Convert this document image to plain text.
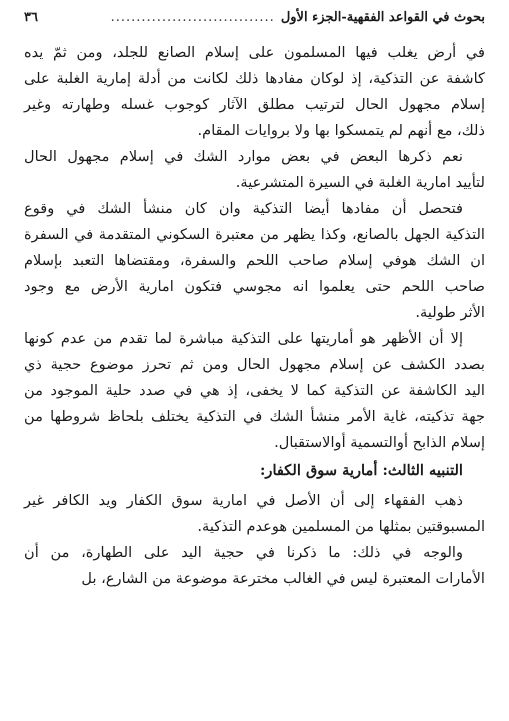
بحوث في القواعد الفقهية-الجزء الأول
................................
٣٦

في أرض يغلب فيها المسلمون على إسلام الصانع للجلد، ومن ثمّ يده
كاشفة عن التذكية، إذ لوكان مفادها ذلك لكانت من أدلة إمارية الغلبة على
إسلام مجهول الحال لترتيب مطلق الآثار كوجوب غسله وطهارته وغير
ذلك، مع أنهم لم يتمسكوا بها ولا بروايات المقام.

نعم ذكرها البعض في بعض موارد الشك في إسلام مجهول الحال
لتأييد امارية الغلبة في السيرة المتشرعية.

فتحصل أن مفادها أيضا التذكية وان كان منشأ الشك في وقوع
التذكية الجهل بالصانع، وكذا يظهر من معتبرة السكوني المتقدمة في السفرة
ان الشك هوفي إسلام صاحب اللحم والسفرة، ومقتضاها التعبد بإسلام
صاحب اللحم حتى يعلموا انه مجوسي فتكون امارية الأرض مع وجود
الأثر طولية.

إلا أن الأظهر هو أماريتها على التذكية مباشرة لما تقدم من عدم كونها
بصدد الكشف عن إسلام مجهول الحال ومن ثم تحرز موضوع حجية ذي
اليد الكاشفة عن التذكية كما لا يخفى، إذ هي في صدد حلية الموجود من
جهة تذكيته، غاية الأمر منشأ الشك في التذكية يختلف بلحاظ شروطها من
إسلام الذابح أوالتسمية أوالاستقبال.

التنبيه الثالث: أمارية سوق الكفار:

ذهب الفقهاء إلى أن الأصل في امارية سوق الكفار ويد الكافر غير
المسبوقتين بمثلها من المسلمين هوعدم التذكية.

والوجه في ذلك: ما ذكرنا في حجية اليد على الطهارة، من أن
الأمارات المعتبرة ليس في الغالب مخترعة موضوعة من الشارع، بل
